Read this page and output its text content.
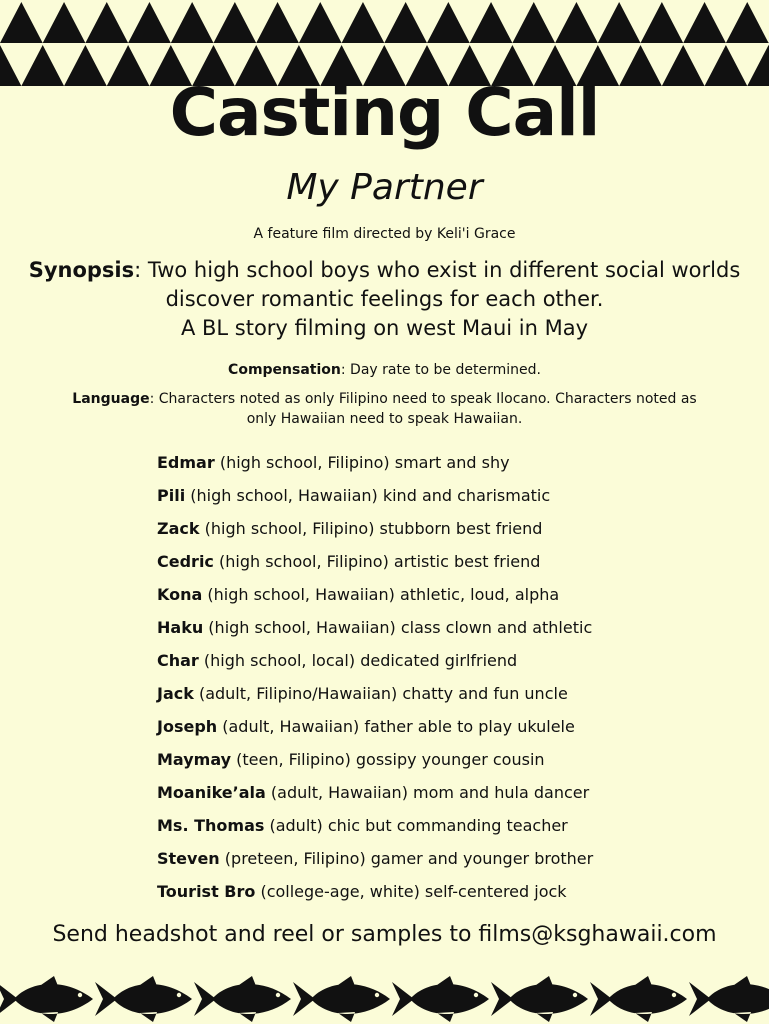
Casting Call
My Partner
A feature film directed by Keli'i Grace
Synopsis: Two high school boys who exist in different social worlds discover romantic feelings for each other.
A BL story filming on west Maui in May
Compensation: Day rate to be determined.
Language: Characters noted as only Filipino need to speak Ilocano. Characters noted as only Hawaiian need to speak Hawaiian.
Edmar (high school, Filipino) smart and shy
Pili (high school, Hawaiian) kind and charismatic
Zack (high school, Filipino) stubborn best friend
Cedric (high school, Filipino) artistic best friend
Kona (high school, Hawaiian) athletic, loud, alpha
Haku (high school, Hawaiian) class clown and athletic
Char (high school, local) dedicated girlfriend
Jack (adult, Filipino/Hawaiian) chatty and fun uncle
Joseph (adult, Hawaiian) father able to play ukulele
Maymay (teen, Filipino) gossipy younger cousin
Moanike’ala (adult, Hawaiian) mom and hula dancer
Ms. Thomas (adult) chic but commanding teacher
Steven (preteen, Filipino) gamer and younger brother
Tourist Bro (college-age, white) self-centered jock
Send headshot and reel or samples to films@ksghawaii.com
